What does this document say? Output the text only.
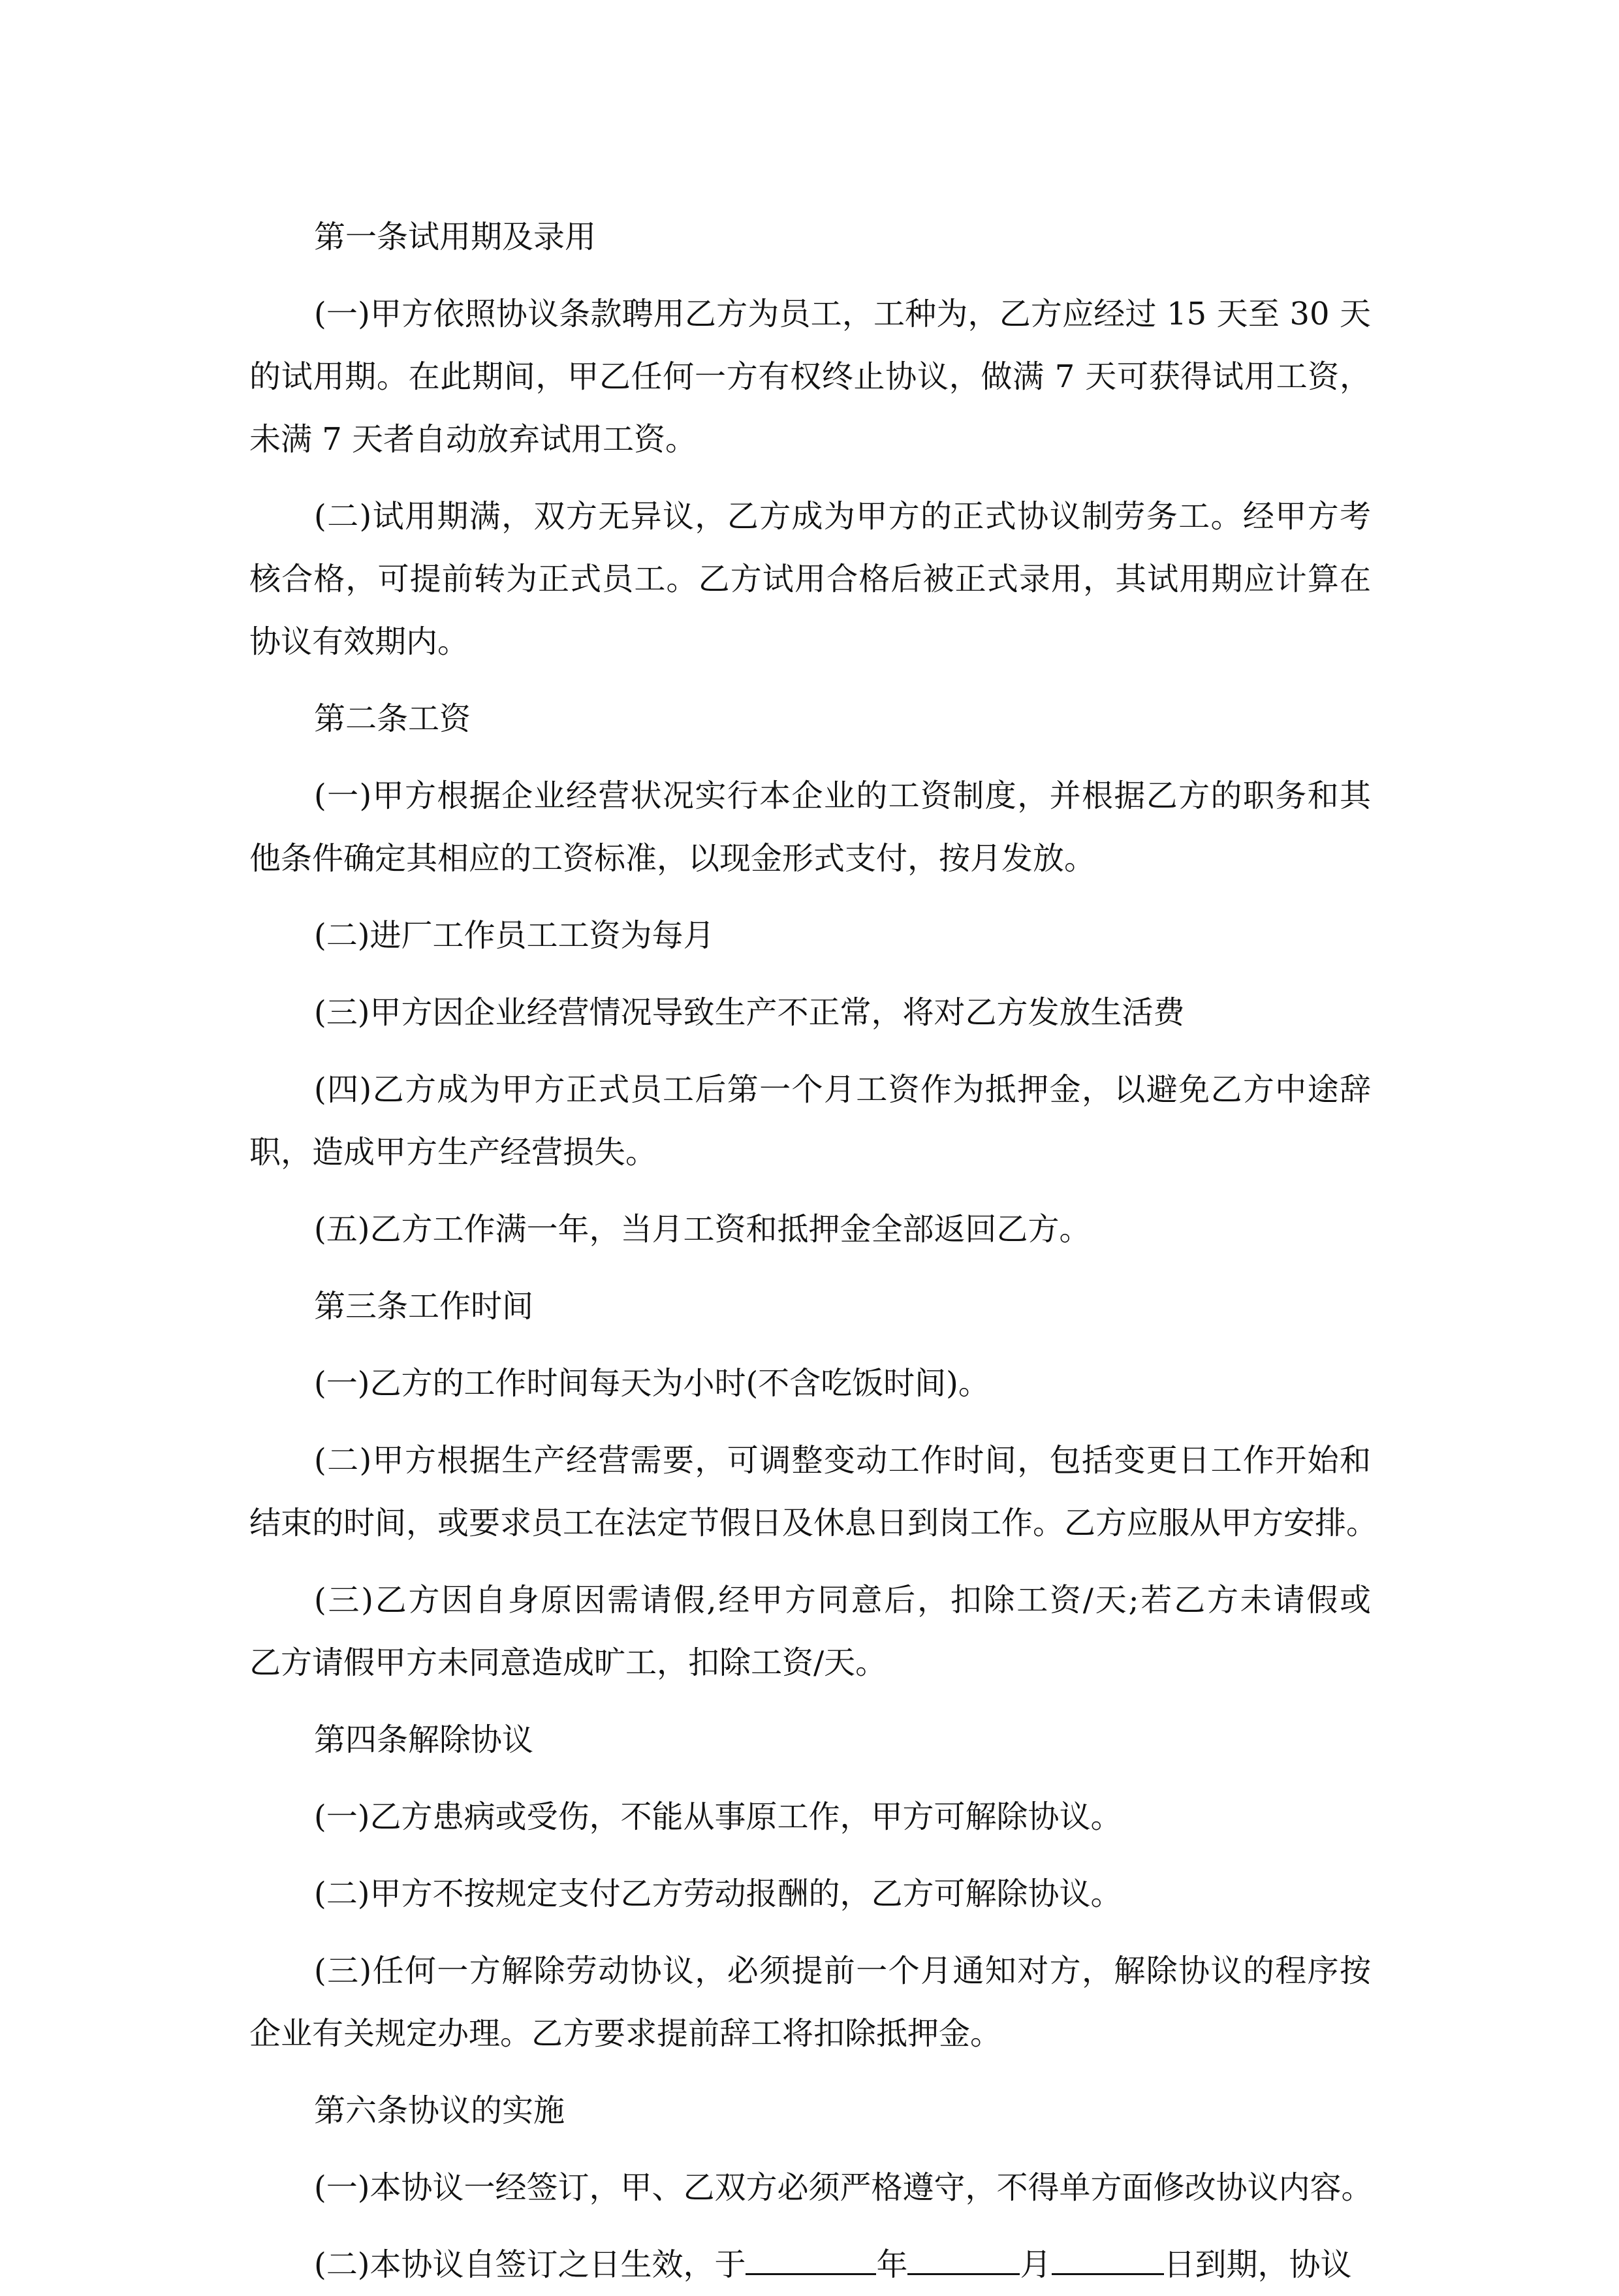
第一条试用期及录用
(一)甲方依照协议条款聘用乙方为员工，工种为，乙方应经过 15 天至 30 天
的试用期。在此期间，甲乙任何一方有权终止协议，做满 7 天可获得试用工资，
未满 7 天者自动放弃试用工资。
(二)试用期满，双方无异议，乙方成为甲方的正式协议制劳务工。经甲方考
核合格，可提前转为正式员工。乙方试用合格后被正式录用，其试用期应计算在
协议有效期内。
第二条工资
(一)甲方根据企业经营状况实行本企业的工资制度，并根据乙方的职务和其
他条件确定其相应的工资标准，以现金形式支付，按月发放。
(二)进厂工作员工工资为每月
(三)甲方因企业经营情况导致生产不正常，将对乙方发放生活费
(四)乙方成为甲方正式员工后第一个月工资作为抵押金，以避免乙方中途辞
职，造成甲方生产经营损失。
(五)乙方工作满一年，当月工资和抵押金全部返回乙方。
第三条工作时间
(一)乙方的工作时间每天为小时(不含吃饭时间)。
(二)甲方根据生产经营需要，可调整变动工作时间，包括变更日工作开始和
结束的时间，或要求员工在法定节假日及休息日到岗工作。乙方应服从甲方安排。
(三)乙方因自身原因需请假,经甲方同意后，扣除工资/天;若乙方未请假或
乙方请假甲方未同意造成旷工，扣除工资/天。
第四条解除协议
(一)乙方患病或受伤，不能从事原工作，甲方可解除协议。
(二)甲方不按规定支付乙方劳动报酬的，乙方可解除协议。
(三)任何一方解除劳动协议，必须提前一个月通知对方，解除协议的程序按
企业有关规定办理。乙方要求提前辞工将扣除抵押金。
第六条协议的实施
(一)本协议一经签订，甲、乙双方必须严格遵守，不得单方面修改协议内容。
(二)本协议自签订之日生效，于	年	月	日到期，协议
